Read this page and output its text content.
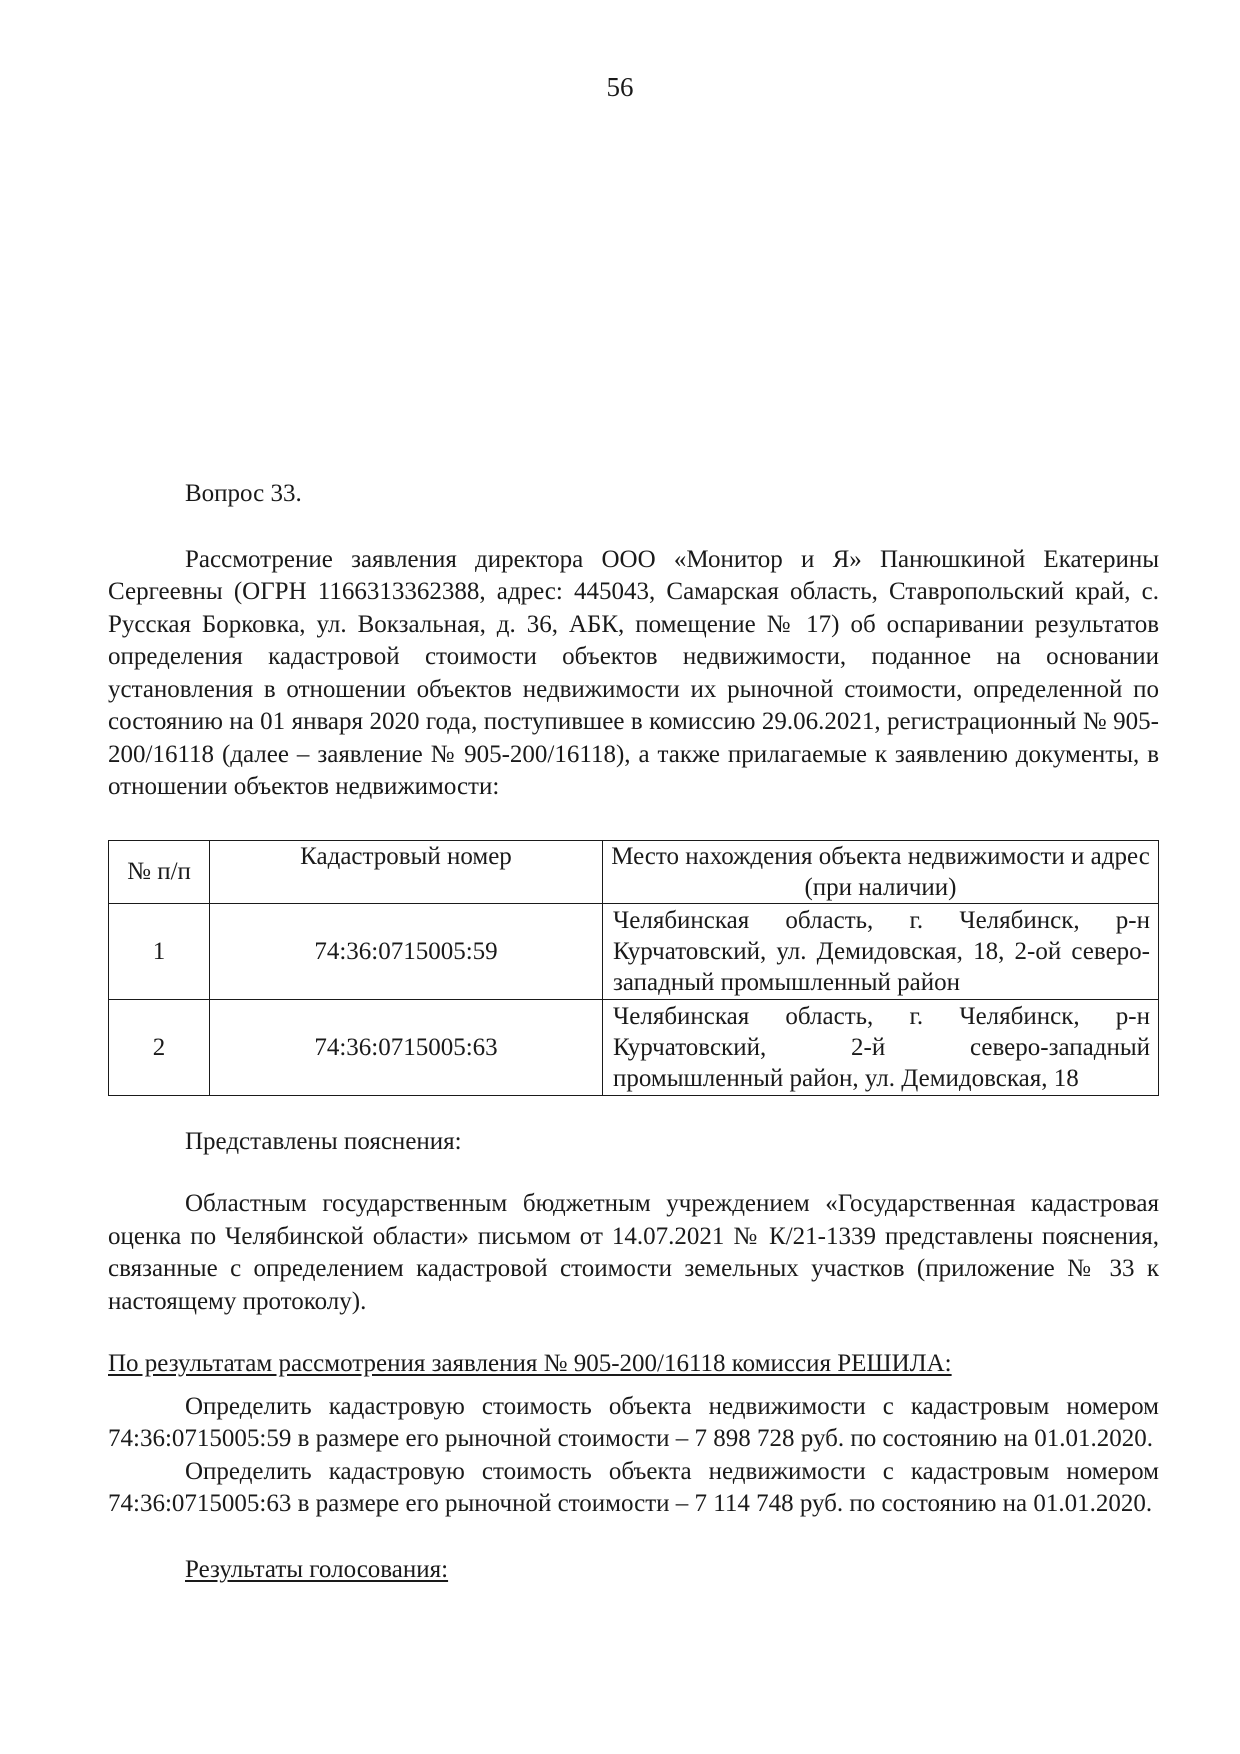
56

Вопрос 33.

Рассмотрение заявления директора ООО «Монитор и Я» Панюшкиной Екатерины Сергеевны (ОГРН 1166313362388, адрес: 445043, Самарская область, Ставропольский край, с. Русская Борковка, ул. Вокзальная, д. 36, АБК, помещение № 17) об оспаривании результатов определения кадастровой стоимости объектов недвижимости, поданное на основании установления в отношении объектов недвижимости их рыночной стоимости, определенной по состоянию на 01 января 2020 года, поступившее в комиссию 29.06.2021, регистрационный № 905-200/16118 (далее – заявление № 905-200/16118), а также прилагаемые к заявлению документы, в отношении объектов недвижимости:

№ п/п	Кадастровый номер	Место нахождения объекта недвижимости и адрес (при наличии)
1	74:36:0715005:59	Челябинская область, г. Челябинск, р-н Курчатовский, ул. Демидовская, 18, 2-ой северо-западный промышленный район
2	74:36:0715005:63	Челябинская область, г. Челябинск, р-н Курчатовский, 2-й северо-западный промышленный район, ул. Демидовская, 18

Представлены пояснения:

Областным государственным бюджетным учреждением «Государственная кадастровая оценка по Челябинской области» письмом от 14.07.2021 № К/21-1339 представлены пояснения, связанные с определением кадастровой стоимости земельных участков (приложение № 33 к настоящему протоколу).

По результатам рассмотрения заявления № 905-200/16118 комиссия РЕШИЛА:

Определить кадастровую стоимость объекта недвижимости с кадастровым номером 74:36:0715005:59 в размере его рыночной стоимости – 7 898 728 руб. по состоянию на 01.01.2020.

Определить кадастровую стоимость объекта недвижимости с кадастровым номером 74:36:0715005:63 в размере его рыночной стоимости – 7 114 748 руб. по состоянию на 01.01.2020.

Результаты голосования:
